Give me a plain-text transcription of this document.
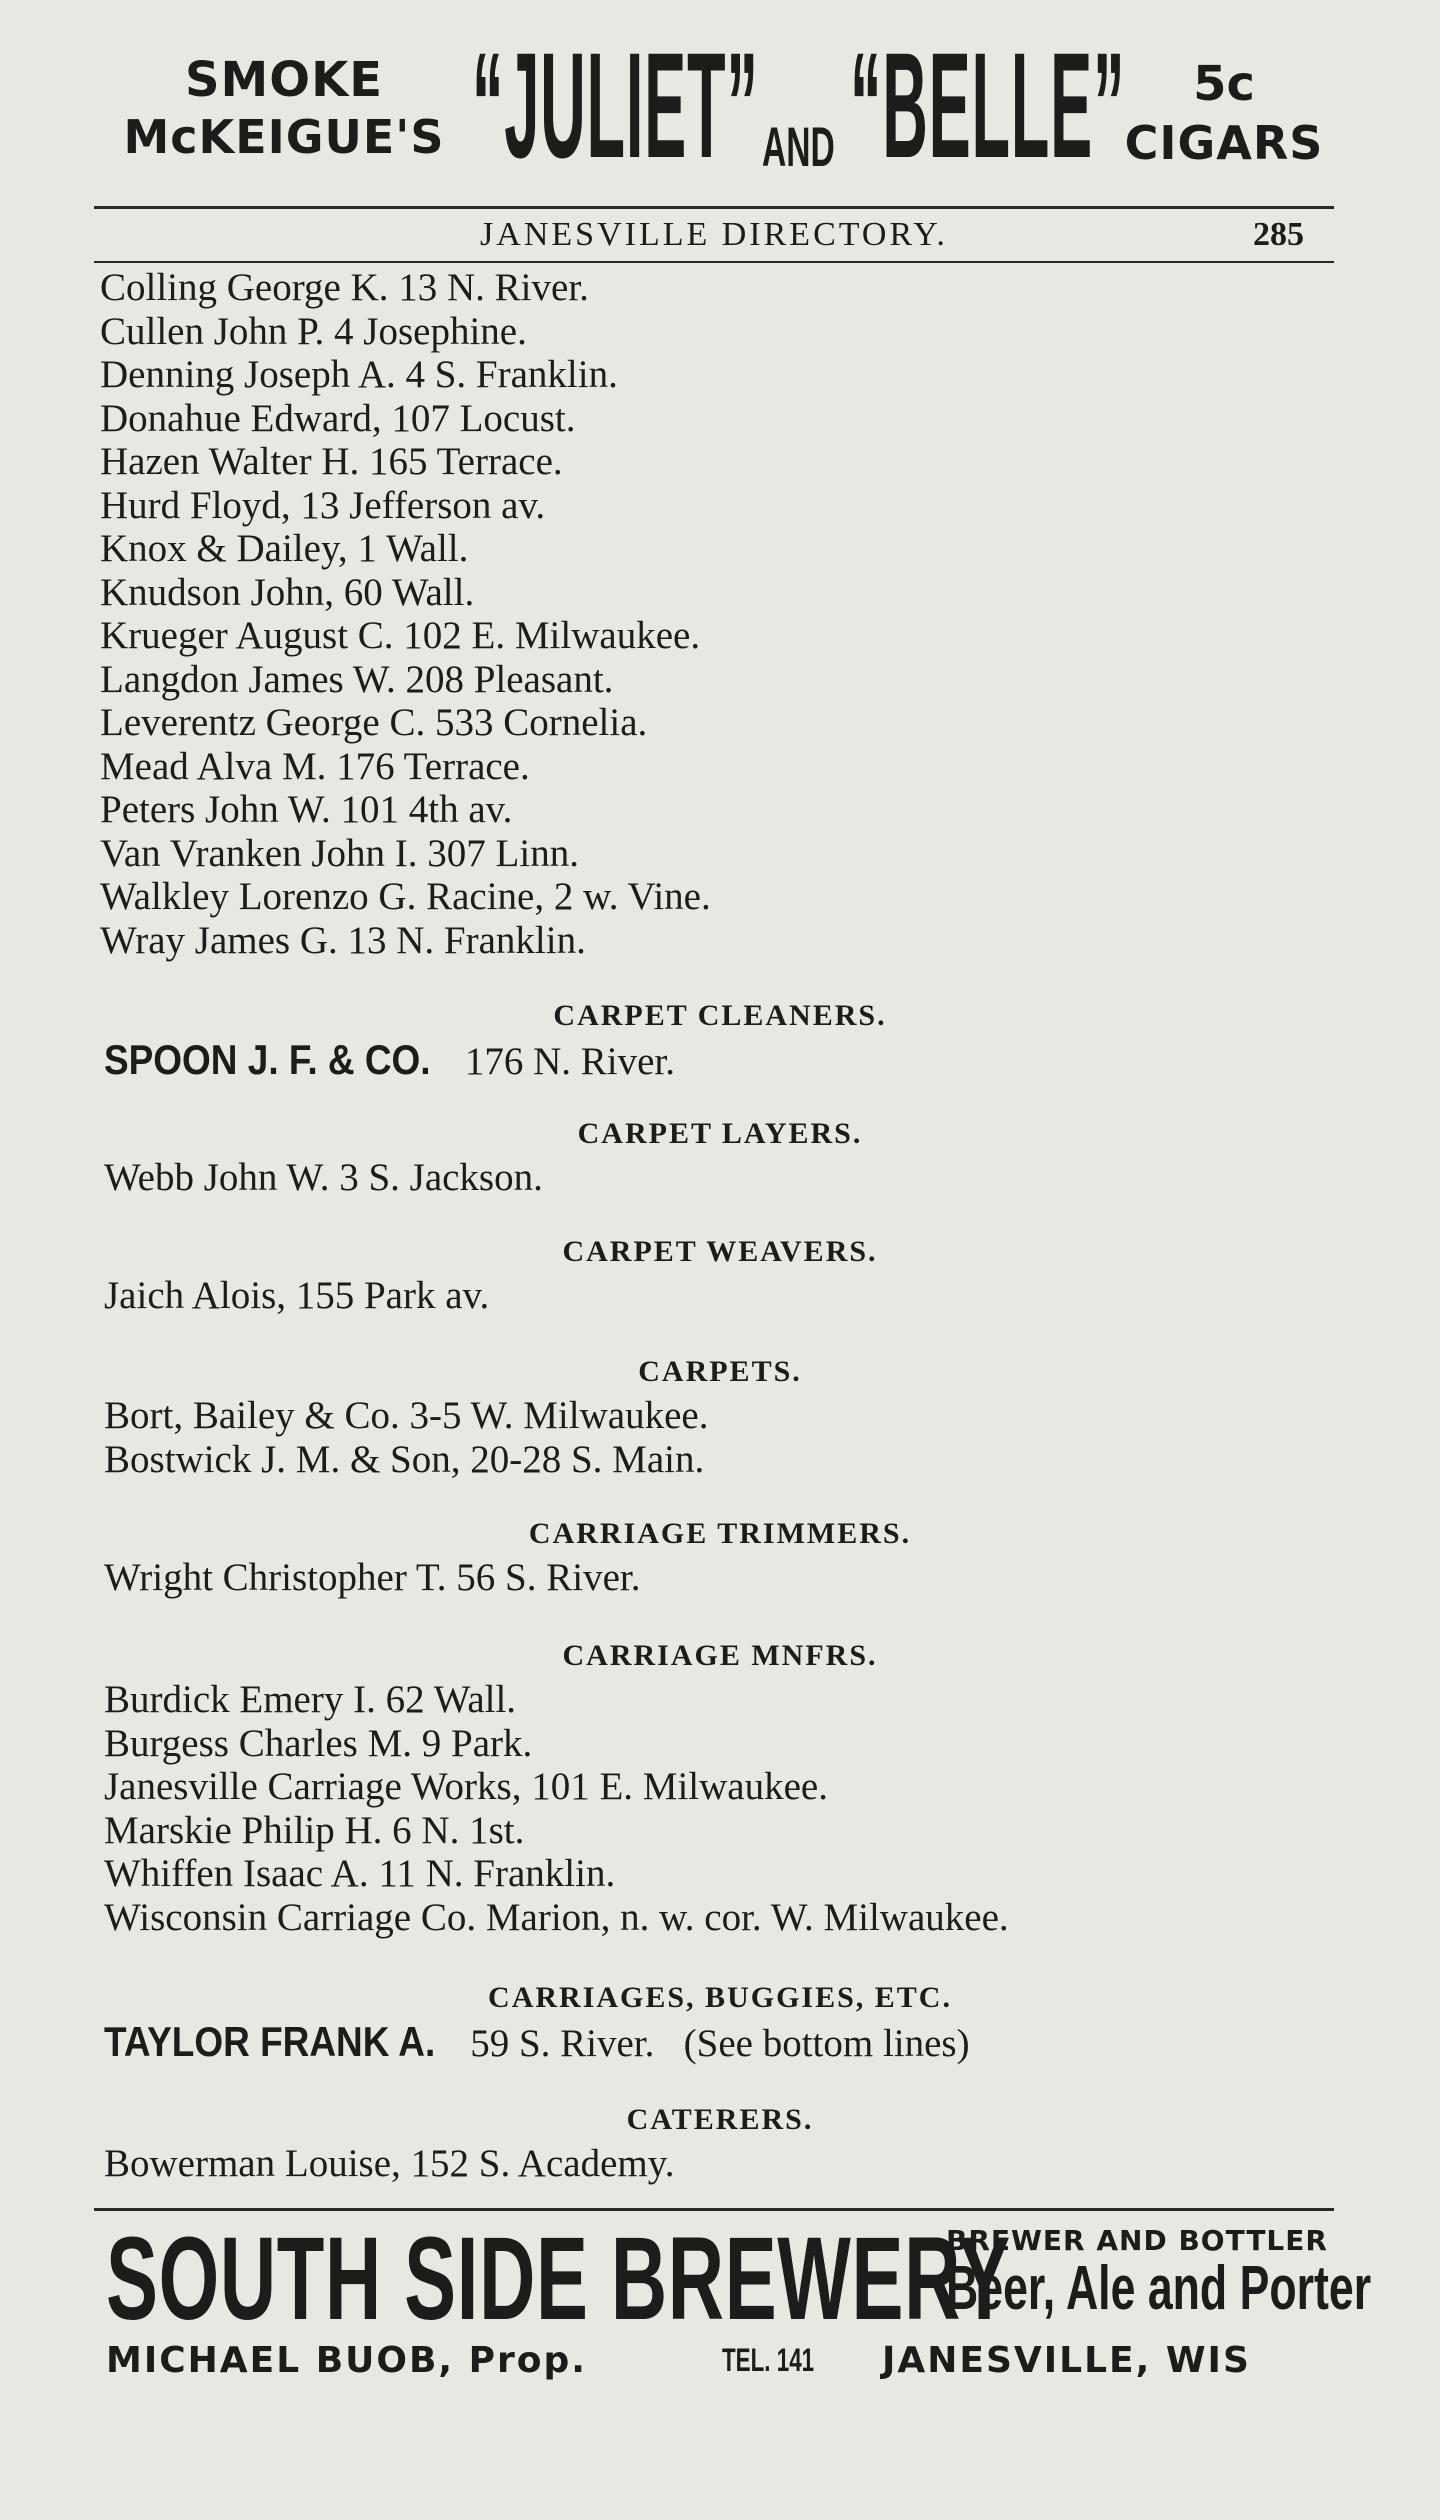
SMOKE
McKEIGUE'S “JULIET” AND “BELLE”	5c
CIGARS
JANESVILLE DIRECTORY.	285
Colling George K. 13 N. River.
Cullen John P. 4 Josephine.
Denning Joseph A. 4 S. Franklin.
Donahue Edward, 107 Locust.
Hazen Walter H. 165 Terrace.
Hurd Floyd, 13 Jefferson av.
Knox & Dailey, 1 Wall.
Knudson John, 60 Wall.
Krueger August C. 102 E. Milwaukee.
Langdon James W. 208 Pleasant.
Leverentz George C. 533 Cornelia.
Mead Alva M. 176 Terrace.
Peters John W. 101 4th av.
Van Vranken John I. 307 Linn.
Walkley Lorenzo G. Racine, 2 w. Vine.
Wray James G. 13 N. Franklin.
CARPET CLEANERS.
SPOON J. F. & CO. 176 N. River.
CARPET LAYERS.
Webb John W. 3 S. Jackson.
CARPET WEAVERS.
Jaich Alois, 155 Park av.
CARPETS.
Bort, Bailey & Co. 3-5 W. Milwaukee.
Bostwick J. M. & Son, 20-28 S. Main.
CARRIAGE TRIMMERS.
Wright Christopher T. 56 S. River.
CARRIAGE MNFRS.
Burdick Emery I. 62 Wall.
Burgess Charles M. 9 Park.
Janesville Carriage Works, 101 E. Milwaukee.
Marskie Philip H. 6 N. 1st.
Whiffen Isaac A. 11 N. Franklin.
Wisconsin Carriage Co. Marion, n. w. cor. W. Milwaukee.
CARRIAGES, BUGGIES, ETC.
TAYLOR FRANK A. 59 S. River. (See bottom lines)
CATERERS.
Bowerman Louise, 152 S. Academy.
SOUTH SIDE BREWERY
BREWER AND BOTTLER
Beer, Ale and Porter
MICHAEL BUOB, Prop.	TEL. 141 JANESVILLE, WIS
